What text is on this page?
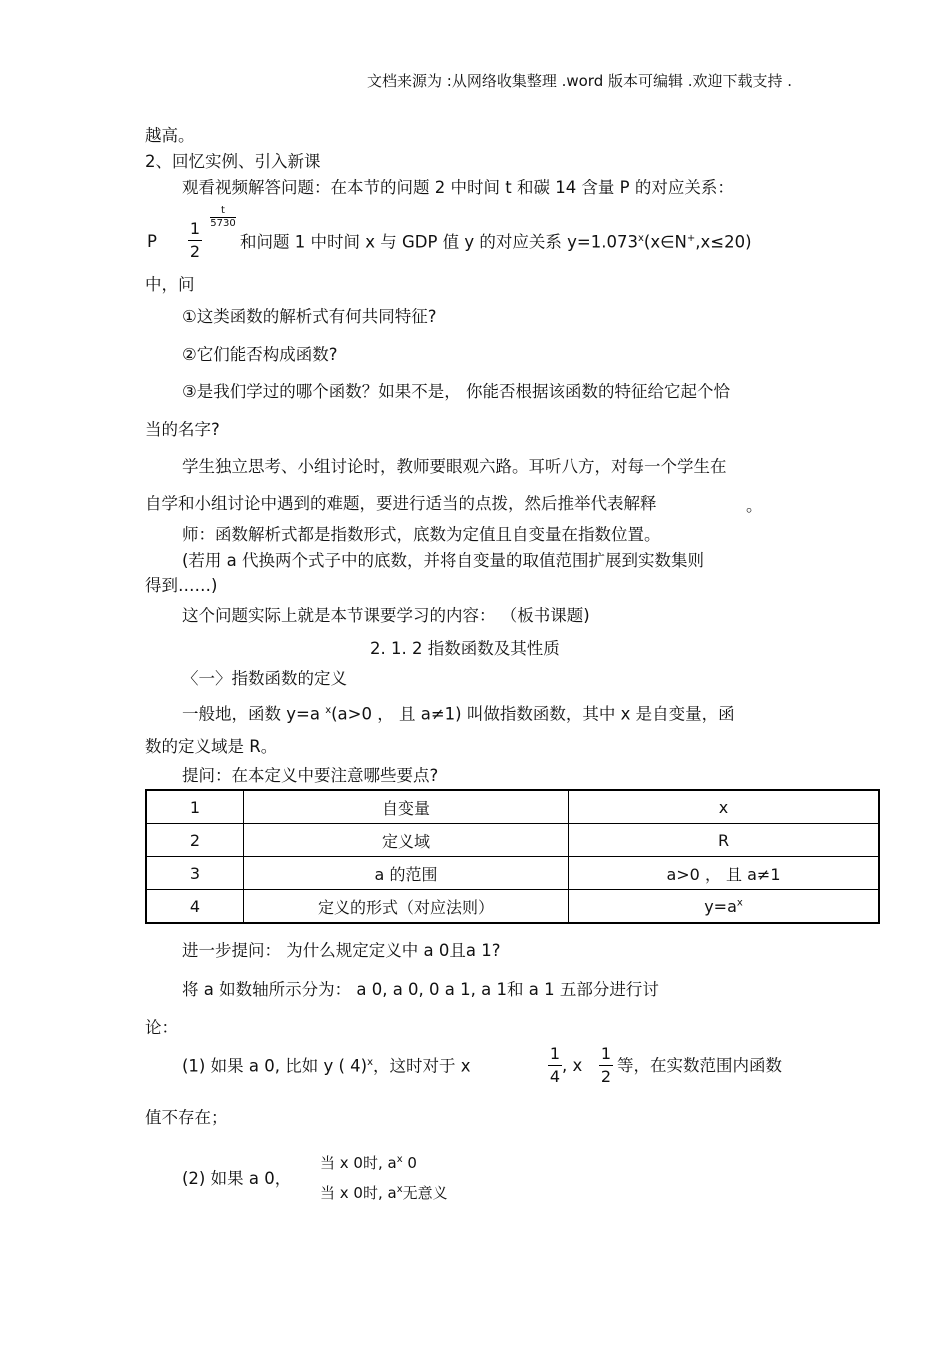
文档来源为 :从网络收集整理 .word 版本可编辑 .欢迎下载支持 .
越高。
2、回忆实例、引入新课
观看视频解答问题：在本节的问题 2 中时间 t 和碳 14 含量 P 的对应关系：
P
1
2
t
5730
和问题 1 中时间 x 与 GDP 值 y 的对应关系 $y=1.073^x(x\in N^+,x\le 20)$
中，问
①这类函数的解析式有何共同特征?
②它们能否构成函数?
③是我们学过的哪个函数？如果不是， 你能否根据该函数的特征给它起个恰
当的名字?
学生独立思考、小组讨论时，教师要眼观六路。耳听八方，对每一个学生在
自学和小组讨论中遇到的难题，要进行适当的点拨，然后推举代表解释	。
师：函数解析式都是指数形式，底数为定值且自变量在指数位置。
(若用 a 代换两个式子中的底数，并将自变量的取值范围扩展到实数集则
得到……)
这个问题实际上就是本节课要学习的内容： （板书课题)
2. 1. 2 指数函数及其性质
〈一〉指数函数的定义
一般地，函数 y=a $^x$(a>0 ， 且 a≠1) 叫做指数函数，其中 x 是自变量，函
数的定义域是 R。
提问：在本定义中要注意哪些要点?
1	自变量	x
2	定义域	R
3	a 的范围	a>0 ， 且 a≠1
4	定义的形式（对应法则）	$y=a^x$
进一步提问： 为什么规定定义中 a 0且a 1?
将 a 如数轴所示分为： a 0, a 0, 0 a 1, a 1和 a 1 五部分进行讨
论：
(1) 如果 a 0, 比如 y ( 4)$^x$，这时对于 x
1
4
, x
1
2
等，在实数范围内函数
值不存在；
(2) 如果 a 0，
当 x 0时, $a^x$ 0
当 x 0时, $a^x$无意义
